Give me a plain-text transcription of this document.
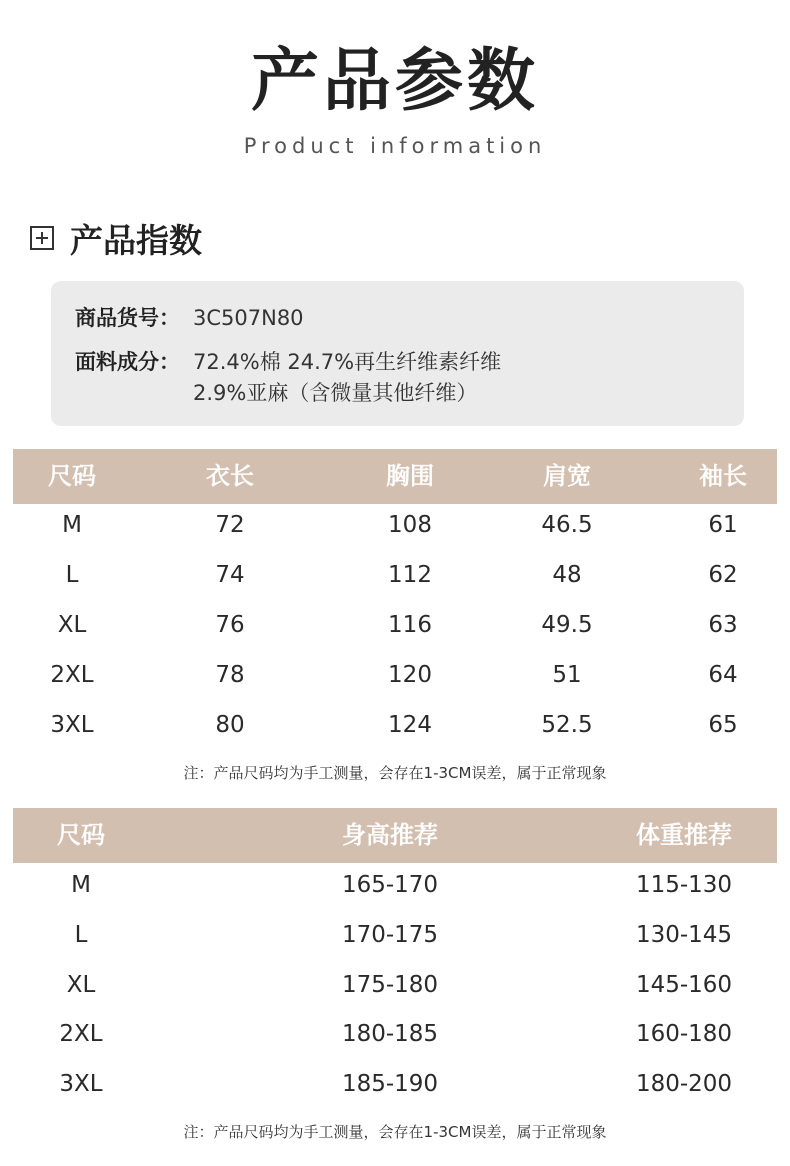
产品参数
Product information
产品指数
商品货号： 3C507N80
面料成分： 72.4%棉 24.7%再生纤维素纤维
2.9%亚麻（含微量其他纤维）
尺码	衣长	胸围	肩宽	袖长
M	72	108	46.5	61
L	74	112	48	62
XL	76	116	49.5	63
2XL	78	120	51	64
3XL	80	124	52.5	65
注：产品尺码均为手工测量，会存在1-3CM误差，属于正常现象
尺码	身高推荐	体重推荐
M	165-170	115-130
L	170-175	130-145
XL	175-180	145-160
2XL	180-185	160-180
3XL	185-190	180-200
注：产品尺码均为手工测量，会存在1-3CM误差，属于正常现象
